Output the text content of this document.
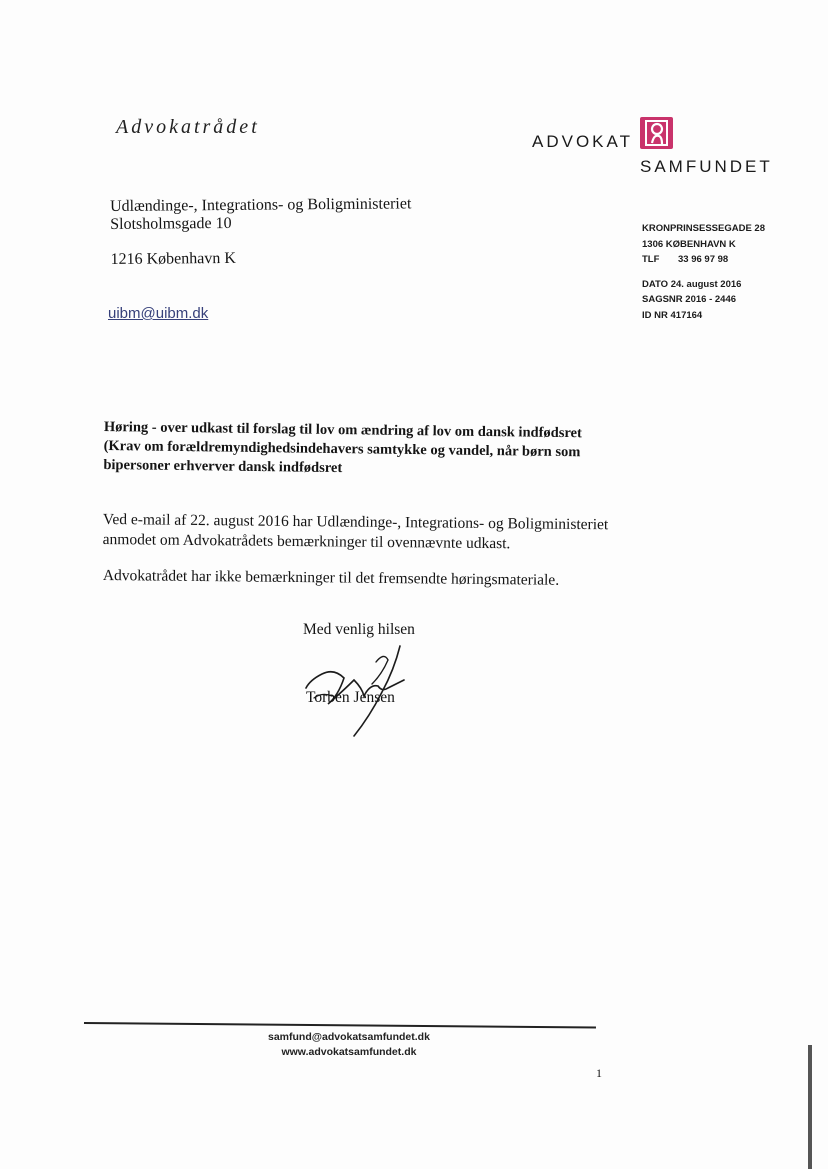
Advokatrådet
ADVOKAT
SAMFUNDET
Udlændinge-, Integrations- og Boligministeriet
Slotsholmsgade 10
1216 København K
uibm@uibm.dk
KRONPRINSESSEGADE 28
1306 KØBENHAVN K
TLF 33 96 97 98
DATO 24. august 2016
SAGSNR 2016 - 2446
ID NR 417164
Høring - over udkast til forslag til lov om ændring af lov om dansk indfødsret
(Krav om forældremyndighedsindehavers samtykke og vandel, når børn som
bipersoner erhverver dansk indfødsret
Ved e-mail af 22. august 2016 har Udlændinge-, Integrations- og Boligministeriet
anmodet om Advokatrådets bemærkninger til ovennævnte udkast.
Advokatrådet har ikke bemærkninger til det fremsendte høringsmateriale.
Med venlig hilsen
Torben Jensen
samfund@advokatsamfundet.dk
www.advokatsamfundet.dk
1
